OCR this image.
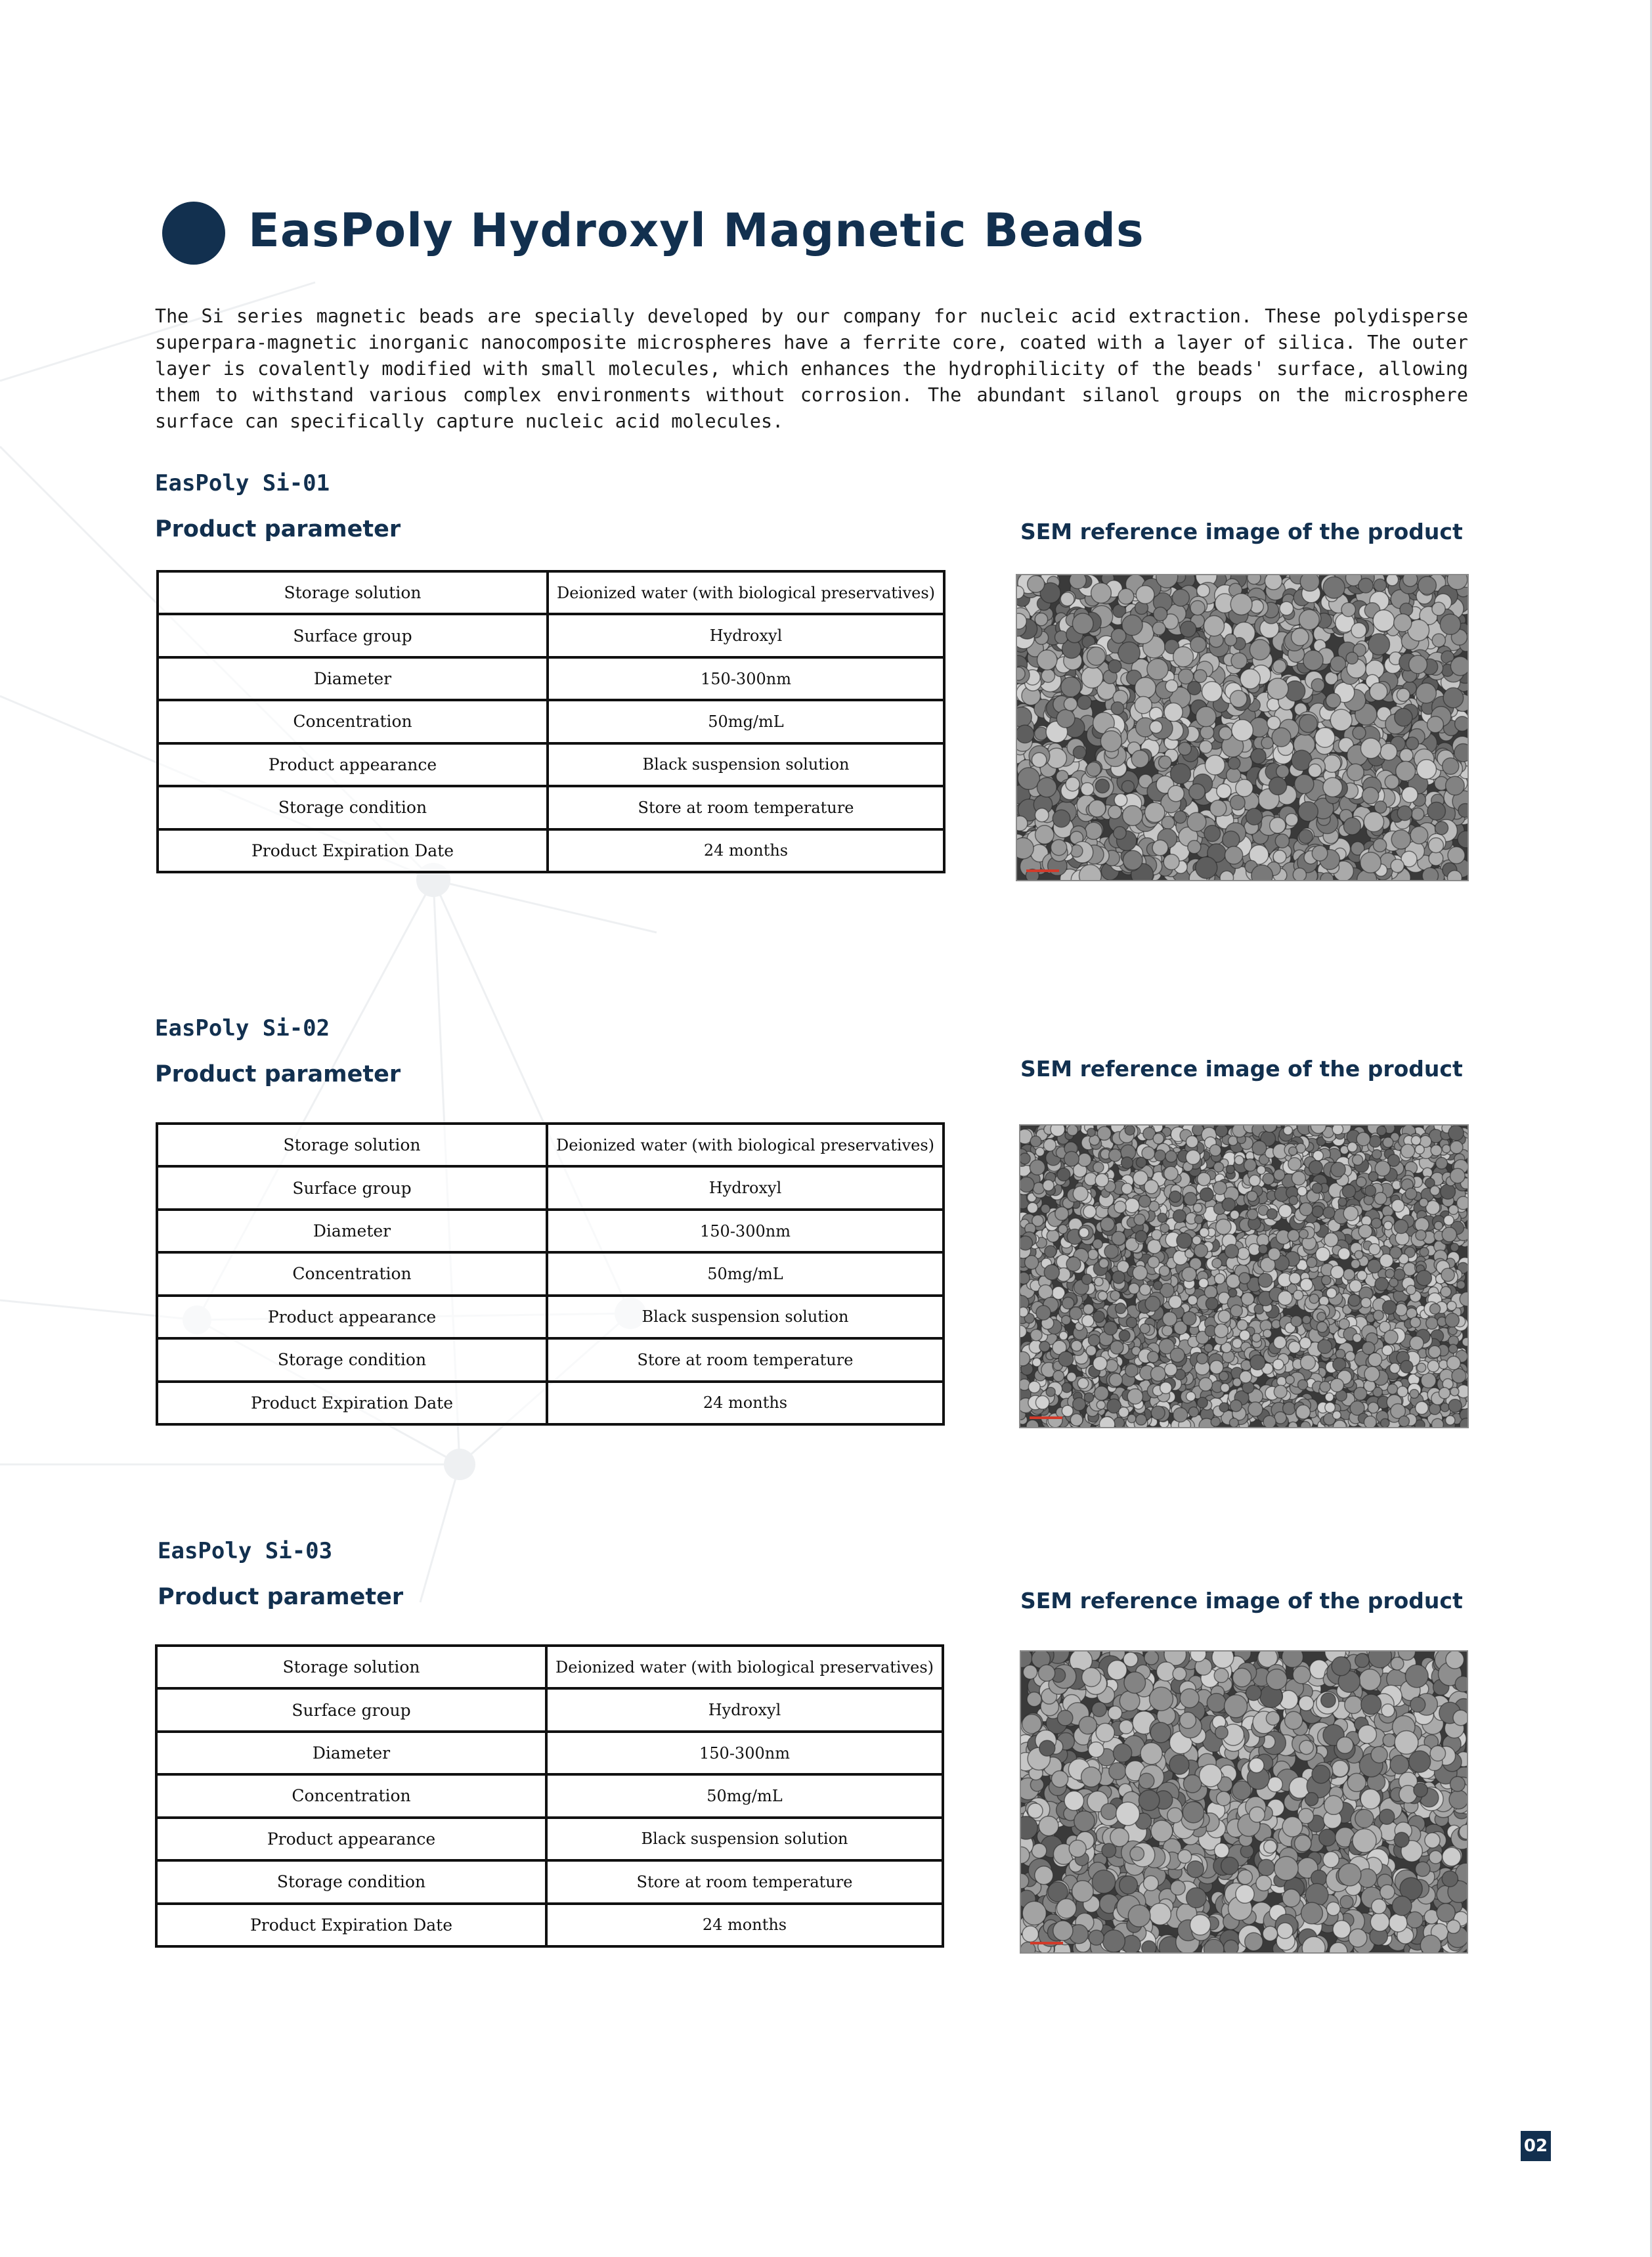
EasPoly Hydroxyl Magnetic Beads

The Si series magnetic beads are specially developed by our company for nucleic acid extraction. These polydisperse superpara-magnetic inorganic nanocomposite microspheres have a ferrite core, coated with a layer of silica. The outer layer is covalently modified with small molecules, which enhances the hydrophilicity of the beads' surface, allowing them to withstand various complex environments without corrosion. The abundant silanol groups on the microsphere surface can specifically capture nucleic acid molecules.

EasPoly Si-01
Product parameter	SEM reference image of the product
Storage solution	Deionized water (with biological preservatives)
Surface group	Hydroxyl
Diameter	150-300nm
Concentration	50mg/mL
Product appearance	Black suspension solution
Storage condition	Store at room temperature
Product Expiration Date	24 months
EasPoly Si-02
Product parameter	SEM reference image of the product
Storage solution	Deionized water (with biological preservatives)
Surface group	Hydroxyl
Diameter	150-300nm
Concentration	50mg/mL
Product appearance	Black suspension solution
Storage condition	Store at room temperature
Product Expiration Date	24 months
EasPoly Si-03
Product parameter	SEM reference image of the product
Storage solution	Deionized water (with biological preservatives)
Surface group	Hydroxyl
Diameter	150-300nm
Concentration	50mg/mL
Product appearance	Black suspension solution
Storage condition	Store at room temperature
Product Expiration Date	24 months
02
